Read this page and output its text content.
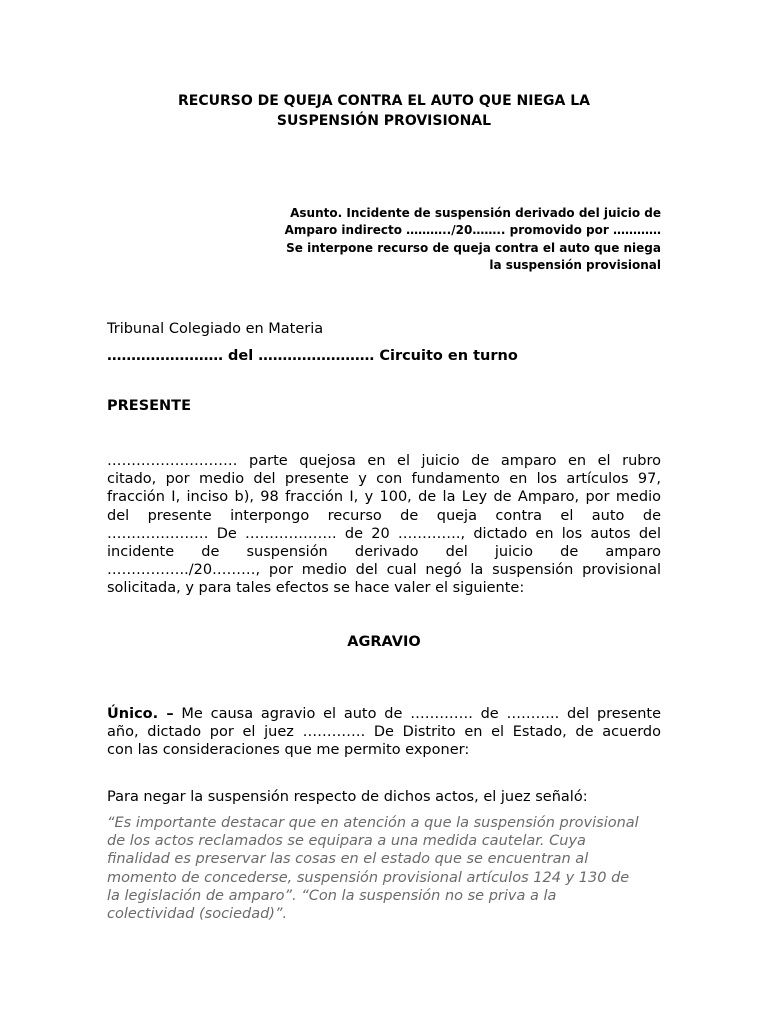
RECURSO DE QUEJA CONTRA EL AUTO QUE NIEGA LA
SUSPENSIÓN PROVISIONAL
Asunto. Incidente de suspensión derivado del juicio de
Amparo indirecto ………../20…….. promovido por …………
Se interpone recurso de queja contra el auto que niega
la suspensión provisional
Tribunal Colegiado en Materia
…………………… del …………………… Circuito en turno
PRESENTE
……………………… parte quejosa en el juicio de amparo en el rubro
citado, por medio del presente y con fundamento en los artículos 97,
fracción I, inciso b), 98 fracción I, y 100, de la Ley de Amparo, por medio
del presente interpongo recurso de queja contra el auto de
………………… De ………………. de 20 …………., dictado en los autos del
incidente de suspensión derivado del juicio de amparo
……………../20………, por medio del cual negó la suspensión provisional
solicitada, y para tales efectos se hace valer el siguiente:
AGRAVIO
Único. – Me causa agravio el auto de …………. de ……….. del presente
año, dictado por el juez …………. De Distrito en el Estado, de acuerdo
con las consideraciones que me permito exponer:
Para negar la suspensión respecto de dichos actos, el juez señaló:
“Es importante destacar que en atención a que la suspensión provisional
de los actos reclamados se equipara a una medida cautelar. Cuya
finalidad es preservar las cosas en el estado que se encuentran al
momento de concederse, suspensión provisional artículos 124 y 130 de
la legislación de amparo”. “Con la suspensión no se priva a la
colectividad (sociedad)”.
